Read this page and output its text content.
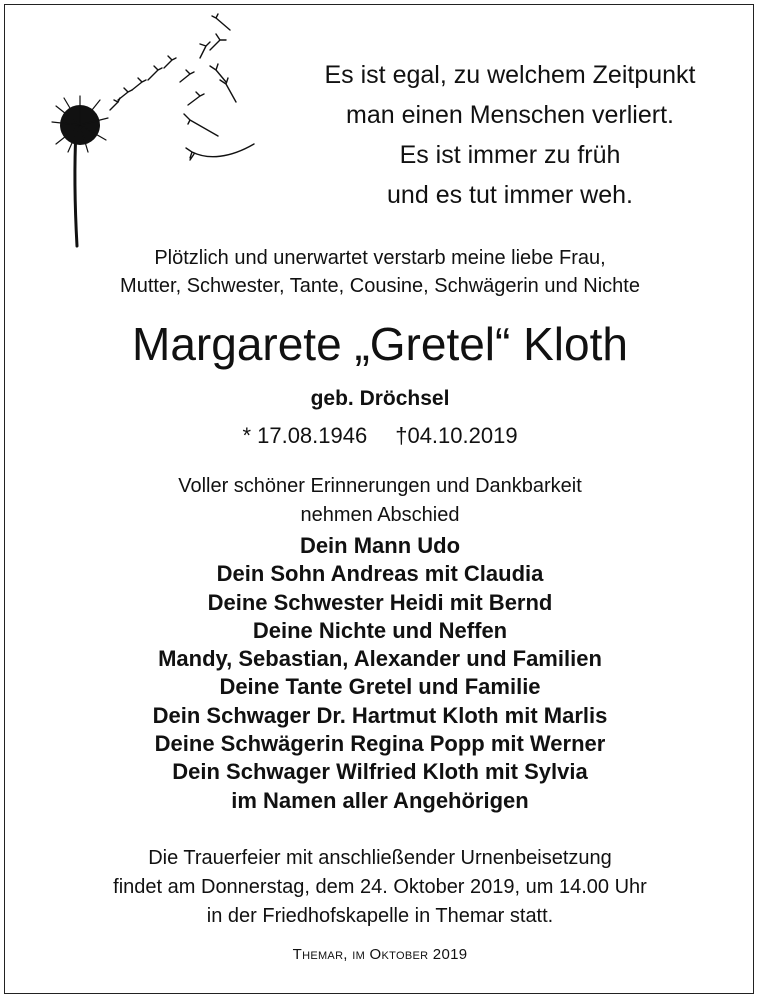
Es ist egal, zu welchem Zeitpunkt
man einen Menschen verliert.
Es ist immer zu früh
und es tut immer weh.
Plötzlich und unerwartet verstarb meine liebe Frau,
Mutter, Schwester, Tante, Cousine, Schwägerin und Nichte
Margarete „Gretel“ Kloth
geb. Dröchsel
* 17.08.1946 †04.10.2019
Voller schöner Erinnerungen und Dankbarkeit
nehmen Abschied
Dein Mann Udo
Dein Sohn Andreas mit Claudia
Deine Schwester Heidi mit Bernd
Deine Nichte und Neffen
Mandy, Sebastian, Alexander und Familien
Deine Tante Gretel und Familie
Dein Schwager Dr. Hartmut Kloth mit Marlis
Deine Schwägerin Regina Popp mit Werner
Dein Schwager Wilfried Kloth mit Sylvia
im Namen aller Angehörigen
Die Trauerfeier mit anschließender Urnenbeisetzung
findet am Donnerstag, dem 24. Oktober 2019, um 14.00 Uhr
in der Friedhofskapelle in Themar statt.
Themar, im Oktober 2019
